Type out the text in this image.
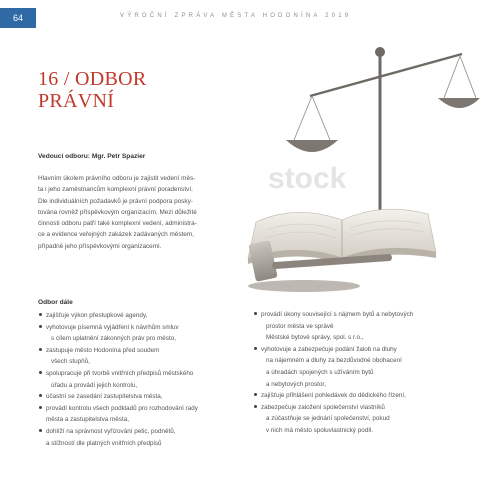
64	VÝROČNÍ ZPRÁVA MĚSTA HODONÍNA 2019
16 / ODBOR
PRÁVNÍ
Vedoucí odboru: Mgr. Petr Spazier
Hlavním úkolem právního odboru je zajistit vedení měs-
ta i jeho zaměstnancům komplexní právní poradenství.
Dle individuálních požadavků je právní podpora posky-
tována rovněž příspěvkovým organizacím. Mezi důležité
činnosti odboru patří také komplexní vedení, administra-
ce a evidence veřejných zakázek zadávaných městem,
případně jeho příspěvkovými organizacemi.
stock
Odbor dále
zajišťuje výkon přestupkové agendy,
vyhotovuje písemná vyjádření k návrhům smluv
s cílem uplatnění zákonných práv pro město,
zastupuje město Hodonína před soudem
všech stupňů,
spolupracuje při tvorbě vnitřních předpisů městského
úřadu a provádí jejich kontrolu,
účastní se zasedání zastupitelstva města,
provádí kontrolu všech podkladů pro rozhodování rady
města a zastupitelstva města,
dohlíží na správnost vyřizování petic, podnětů,
a stížností dle platných vnitřních předpisů
provádí úkony související s nájmem bytů a nebytových
prostor města ve správě
Městské bytové správy, spol. s r.o.,
vyhotovuje a zabezpečuje podání žalob na dluhy
na nájemném a dluhy za bezdůvodné obohacení
a úhradách spojených s užíváním bytů
a nebytových prostor,
zajišťuje přihlášení pohledávek do dědického řízení,
zabezpečuje založení společenství vlastníků
a zúčastňuje se jednání společenství, pokud
v nich má město spoluvlastnický podíl.
